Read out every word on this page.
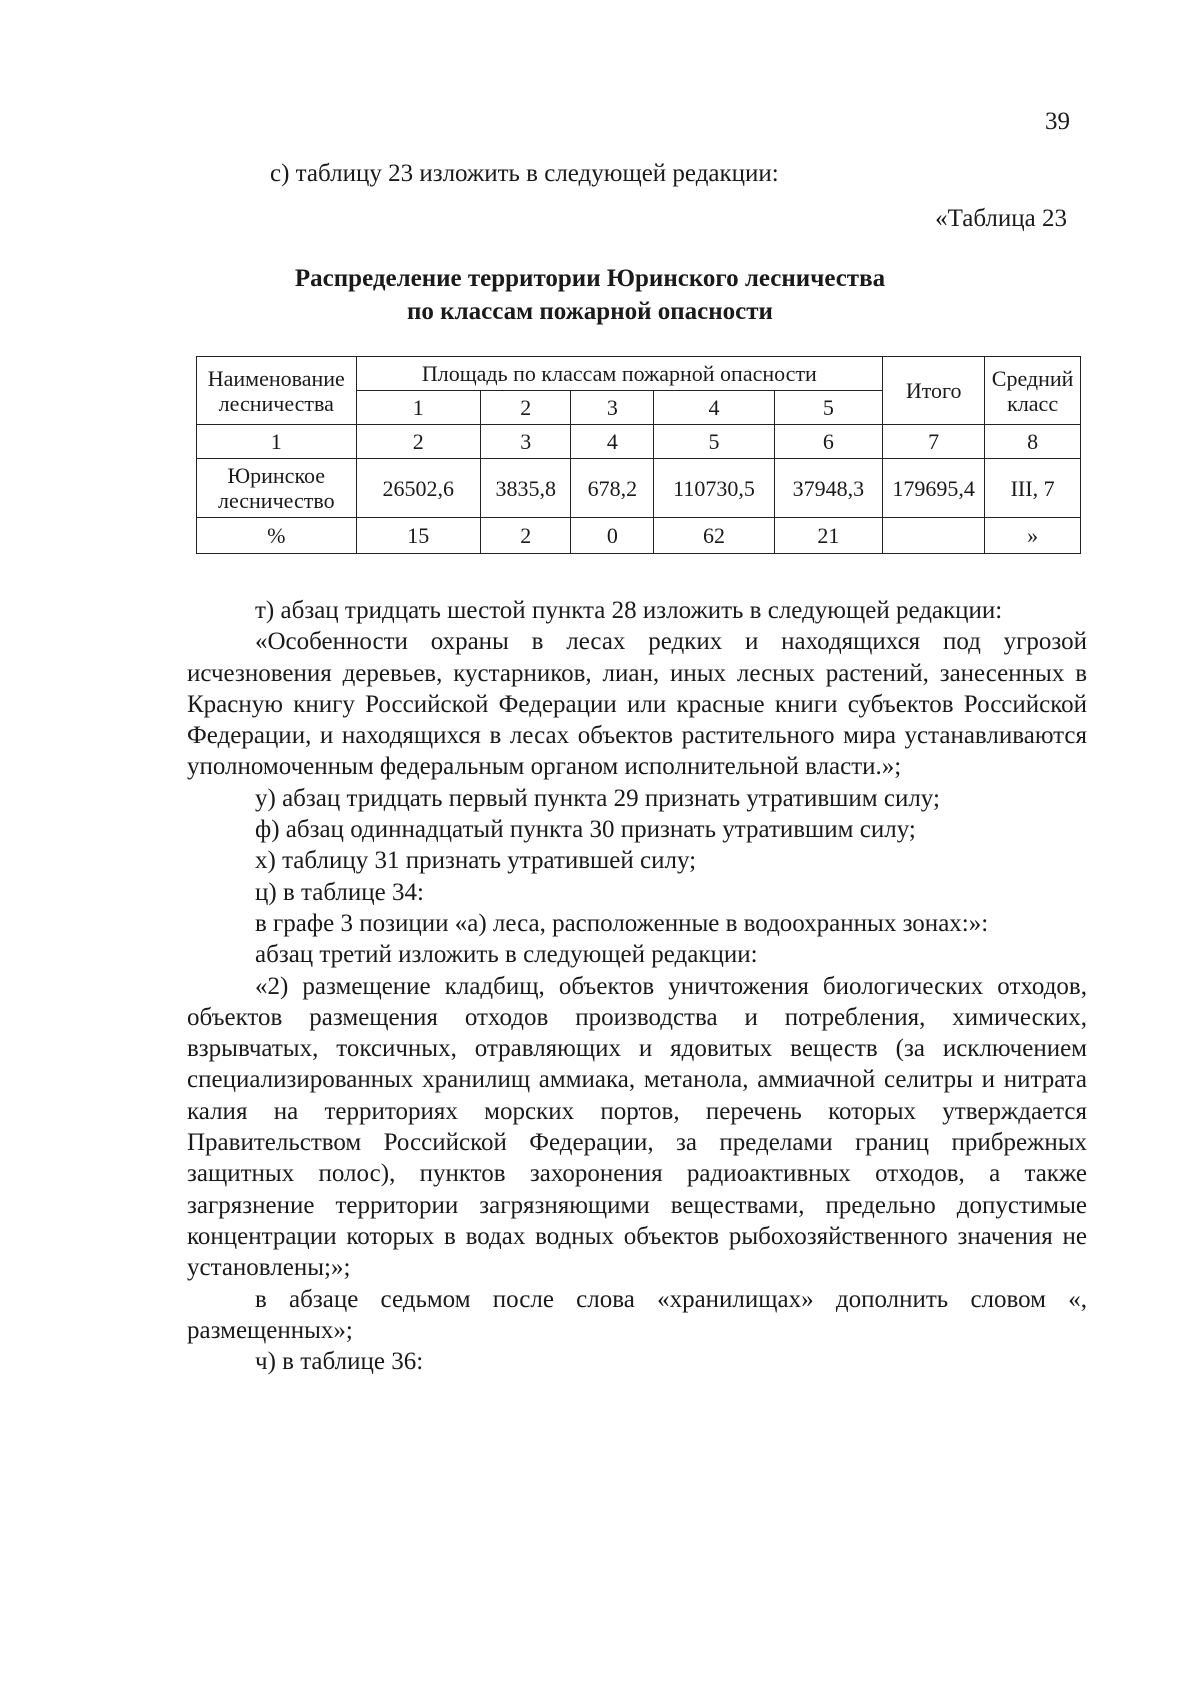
39
с) таблицу 23 изложить в следующей редакции:
«Таблица 23
Распределение территории Юринского лесничества
по классам пожарной опасности
Наименование лесничества	Площадь по классам пожарной опасности					Итого	Средний класс
	1	2	3	4	5		
1	2	3	4	5	6	7	8
Юринское лесничество	26502,6	3835,8	678,2	110730,5	37948,3	179695,4	III, 7
%	15	2	0	62	21		»

т) абзац тридцать шестой пункта 28 изложить в следующей редакции:

«Особенности охраны в лесах редких и находящихся под угрозой исчезновения деревьев, кустарников, лиан, иных лесных растений, занесенных в Красную книгу Российской Федерации или красные книги субъектов Российской Федерации, и находящихся в лесах объектов растительного мира устанавливаются уполномоченным федеральным органом исполнительной власти.»;

у) абзац тридцать первый пункта 29 признать утратившим силу;

ф) абзац одиннадцатый пункта 30 признать утратившим силу;

х) таблицу 31 признать утратившей силу;

ц) в таблице 34:

в графе 3 позиции «а) леса, расположенные в водоохранных зонах:»:

абзац третий изложить в следующей редакции:

«2) размещение кладбищ, объектов уничтожения биологических отходов, объектов размещения отходов производства и потребления, химических, взрывчатых, токсичных, отравляющих и ядовитых веществ (за исключением специализированных хранилищ аммиака, метанола, аммиачной селитры и нитрата калия на территориях морских портов, перечень которых утверждается Правительством Российской Федерации, за пределами границ прибрежных защитных полос), пунктов захоронения радиоактивных отходов, а также загрязнение территории загрязняющими веществами, предельно допустимые концентрации которых в водах водных объектов рыбохозяйственного значения не установлены;»;

в абзаце седьмом после слова «хранилищах» дополнить словом «, размещенных»;

ч) в таблице 36:
